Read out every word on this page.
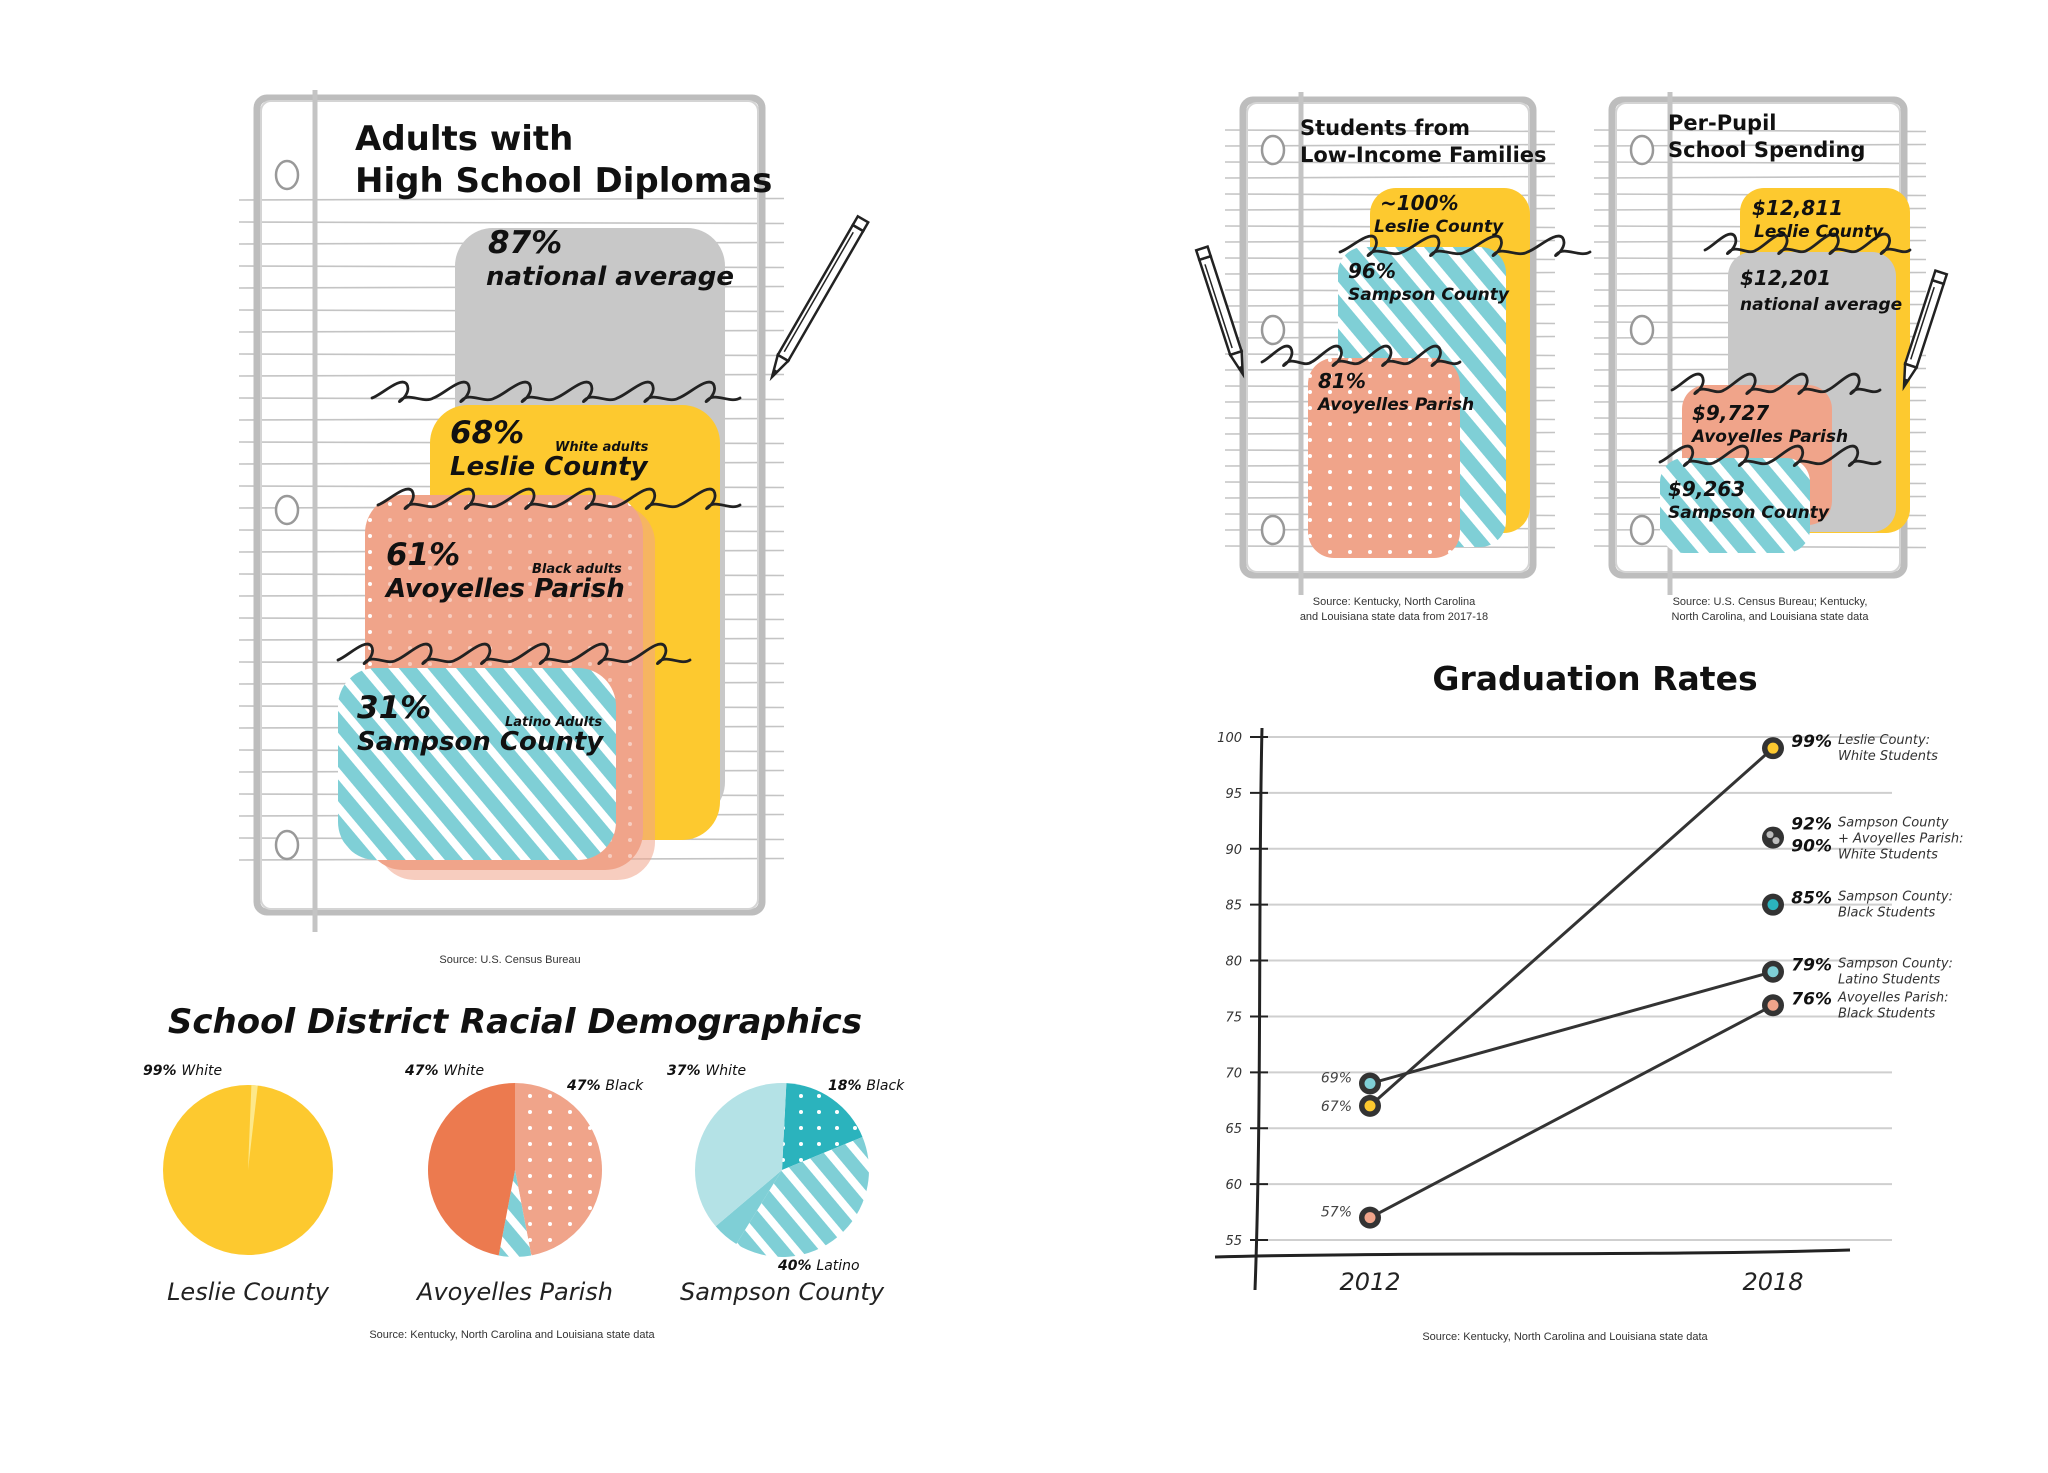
87%
national average
68%
Leslie County
White adults
61%
Avoyelles Parish
Black adults
31%
Sampson County
Latino Adults
Adults with
High School Diplomas
Source: U.S. Census Bureau
~100%
Leslie County
96%
Sampson County
81%
Avoyelles Parish
Students from
Low-Income Families
Source: Kentucky, North Carolina
and Louisiana state data from 2017-18
$12,811
Leslie County
$12,201
national average
$9,727
Avoyelles Parish
$9,263
Sampson County
Per-Pupil
School Spending
Source: U.S. Census Bureau; Kentucky,
North Carolina, and Louisiana state data
School District Racial Demographics
Leslie County	Avoyelles Parish	Sampson County
99% White	47% White
47% Black
37% White
18% Black
40% Latino
Source: Kentucky, North Carolina and Louisiana state data
Graduation Rates
55
60
65
70
75
80
85
90
95
100
2012	2018
69%
67%
57%
99% Leslie County:
White Students
92%
90%
Sampson County
+ Avoyelles Parish:
White Students
85% Sampson County:
Black Students
79% Sampson County:
Latino Students
76% Avoyelles Parish:
Black Students
Source: Kentucky, North Carolina and Louisiana state data
